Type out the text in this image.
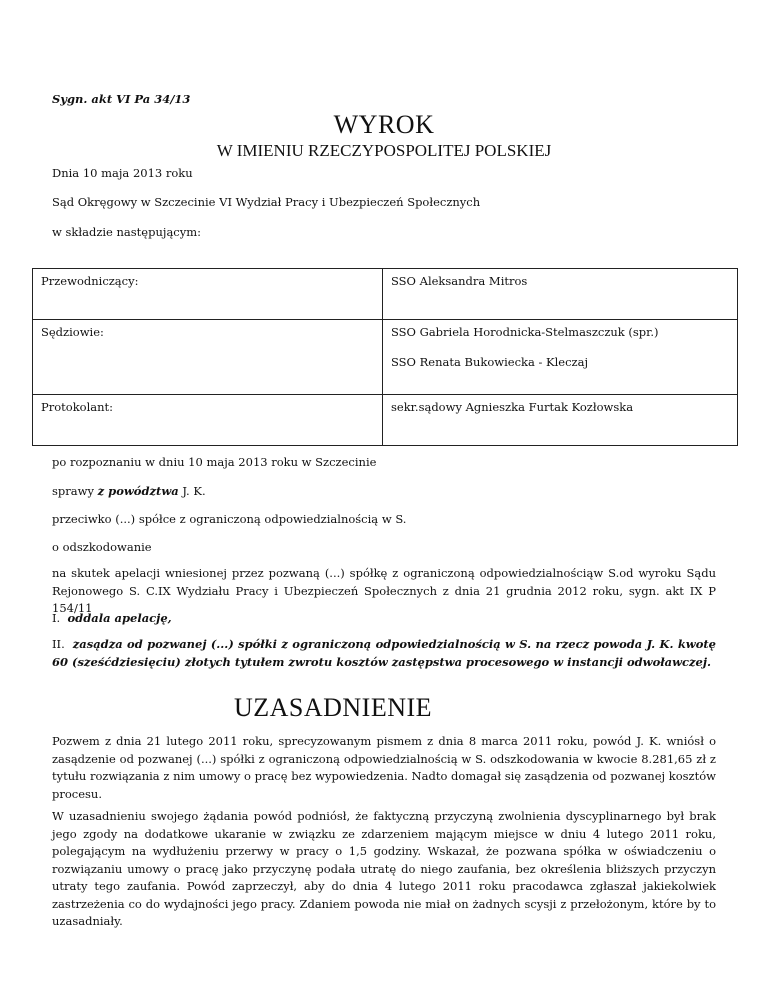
Sygn. akt VI Pa 34/13
WYROK
W IMIENIU RZECZYPOSPOLITEJ POLSKIEJ
Dnia 10 maja 2013 roku
Sąd Okręgowy w Szczecinie VI Wydział Pracy i Ubezpieczeń Społecznych
w składzie następującym:
Przewodniczący:	SSO Aleksandra Mitros

Sędziowie:	SSO Gabriela Horodnicka-Stelmaszczuk (spr.)
SSO Renata Bukowiecka - Kleczaj

Protokolant:	sekr.sądowy Agnieszka Furtak Kozłowska
po rozpoznaniu w dniu 10 maja 2013 roku w Szczecinie
sprawy z powództwa J. K.
przeciwko (...) spółce z ograniczoną odpowiedzialnością w S.
o odszkodowanie
na skutek apelacji wniesionej przez pozwaną (...) spółkę z ograniczoną odpowiedzialnościąw S.od wyroku Sądu Rejonowego S. C.IX Wydziału Pracy i Ubezpieczeń Społecznych z dnia 21 grudnia 2012 roku, sygn. akt IX P 154/11
I. oddala apelację,
II. zasądza od pozwanej (...) spółki z ograniczoną odpowiedzialnością w S. na rzecz powoda J. K. kwotę 60 (sześćdziesięciu) złotych tytułem zwrotu kosztów zastępstwa procesowego w instancji odwoławczej.
UZASADNIENIE
Pozwem z dnia 21 lutego 2011 roku, sprecyzowanym pismem z dnia 8 marca 2011 roku, powód J. K. wniósł o zasądzenie od pozwanej (...) spółki z ograniczoną odpowiedzialnością w S. odszkodowania w kwocie 8.281,65 zł z tytułu rozwiązania z nim umowy o pracę bez wypowiedzenia. Nadto domagał się zasądzenia od pozwanej kosztów procesu.
W uzasadnieniu swojego żądania powód podniósł, że faktyczną przyczyną zwolnienia dyscyplinarnego był brak jego zgody na dodatkowe ukaranie w związku ze zdarzeniem mającym miejsce w dniu 4 lutego 2011 roku, polegającym na wydłużeniu przerwy w pracy o 1,5 godziny. Wskazał, że pozwana spółka w oświadczeniu o rozwiązaniu umowy o pracę jako przyczynę podała utratę do niego zaufania, bez określenia bliższych przyczyn utraty tego zaufania. Powód zaprzeczył, aby do dnia 4 lutego 2011 roku pracodawca zgłaszał jakiekolwiek zastrzeżenia co do wydajności jego pracy. Zdaniem powoda nie miał on żadnych scysji z przełożonym, które by to uzasadniały.
